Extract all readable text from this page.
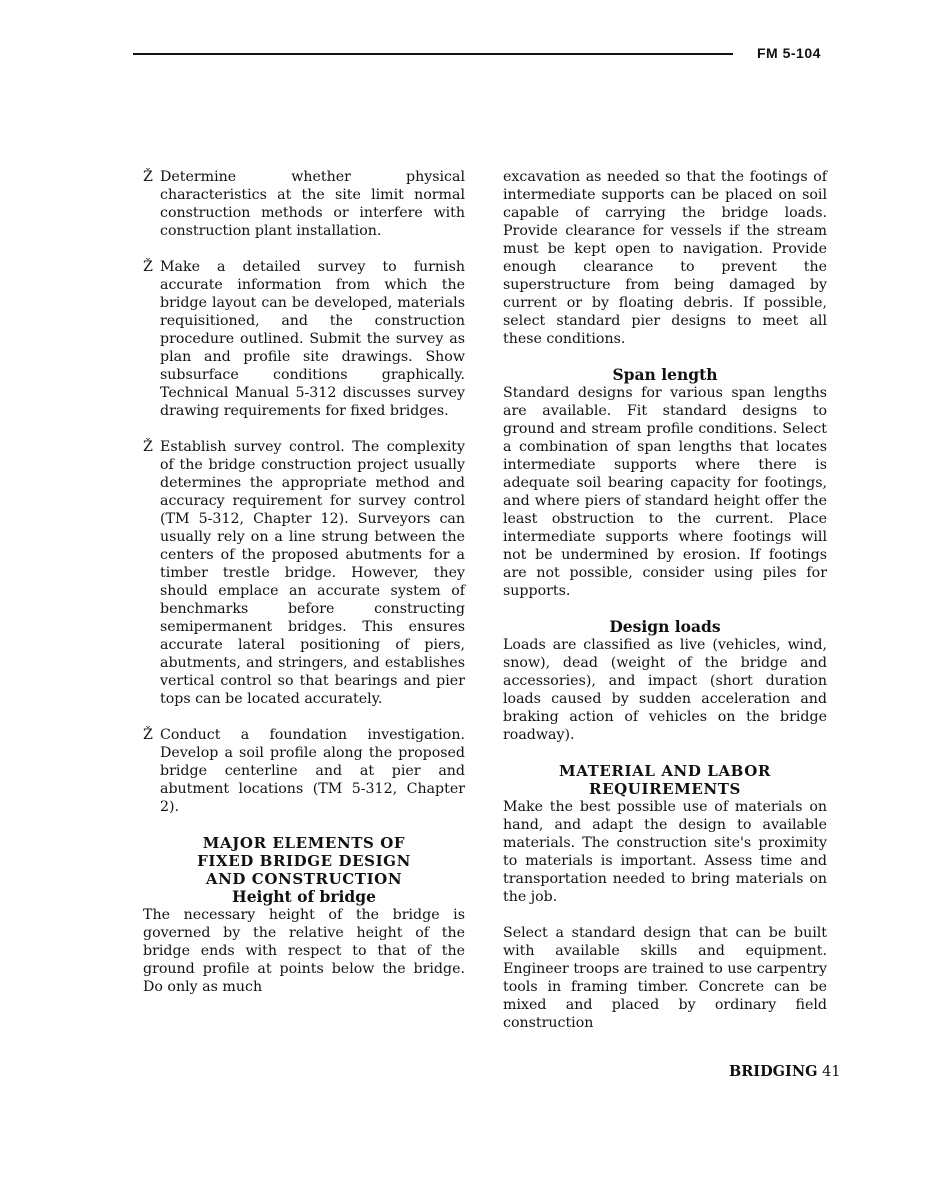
FM 5-104
Ž Determine whether physical characteristics at the site limit normal construction methods or interfere with construction plant installation.
Ž Make a detailed survey to furnish accurate information from which the bridge layout can be developed, materials requisitioned, and the construction procedure outlined. Submit the survey as plan and profile site drawings. Show subsurface conditions graphically. Technical Manual 5-312 discusses survey drawing requirements for fixed bridges.
Ž Establish survey control. The complexity of the bridge construction project usually determines the appropriate method and accuracy requirement for survey control (TM 5-312, Chapter 12). Surveyors can usually rely on a line strung between the centers of the proposed abutments for a timber trestle bridge. However, they should emplace an accurate system of benchmarks before constructing semipermanent bridges. This ensures accurate lateral positioning of piers, abutments, and stringers, and establishes vertical control so that bearings and pier tops can be located accurately.
Ž Conduct a foundation investigation. Develop a soil profile along the proposed bridge centerline and at pier and abutment locations (TM 5-312, Chapter 2).

MAJOR ELEMENTS OF

FIXED BRIDGE DESIGN

AND CONSTRUCTION

Height of bridge

The necessary height of the bridge is governed by the relative height of the bridge ends with respect to that of the ground profile at points below the bridge. Do only as much

excavation as needed so that the footings of intermediate supports can be placed on soil capable of carrying the bridge loads. Provide clearance for vessels if the stream must be kept open to navigation. Provide enough clearance to prevent the superstructure from being damaged by current or by floating debris. If possible, select standard pier designs to meet all these conditions.

Span length

Standard designs for various span lengths are available. Fit standard designs to ground and stream profile conditions. Select a combination of span lengths that locates intermediate supports where there is adequate soil bearing capacity for footings, and where piers of standard height offer the least obstruction to the current. Place intermediate supports where footings will not be undermined by erosion. If footings are not possible, consider using piles for supports.

Design loads

Loads are classified as live (vehicles, wind, snow), dead (weight of the bridge and accessories), and impact (short duration loads caused by sudden acceleration and braking action of vehicles on the bridge roadway).

MATERIAL AND LABOR

REQUIREMENTS

Make the best possible use of materials on hand, and adapt the design to available materials. The construction site's proximity to materials is important. Assess time and transportation needed to bring materials on the job.

Select a standard design that can be built with available skills and equipment. Engineer troops are trained to use carpentry tools in framing timber. Concrete can be mixed and placed by ordinary field construction

BRIDGING 41
